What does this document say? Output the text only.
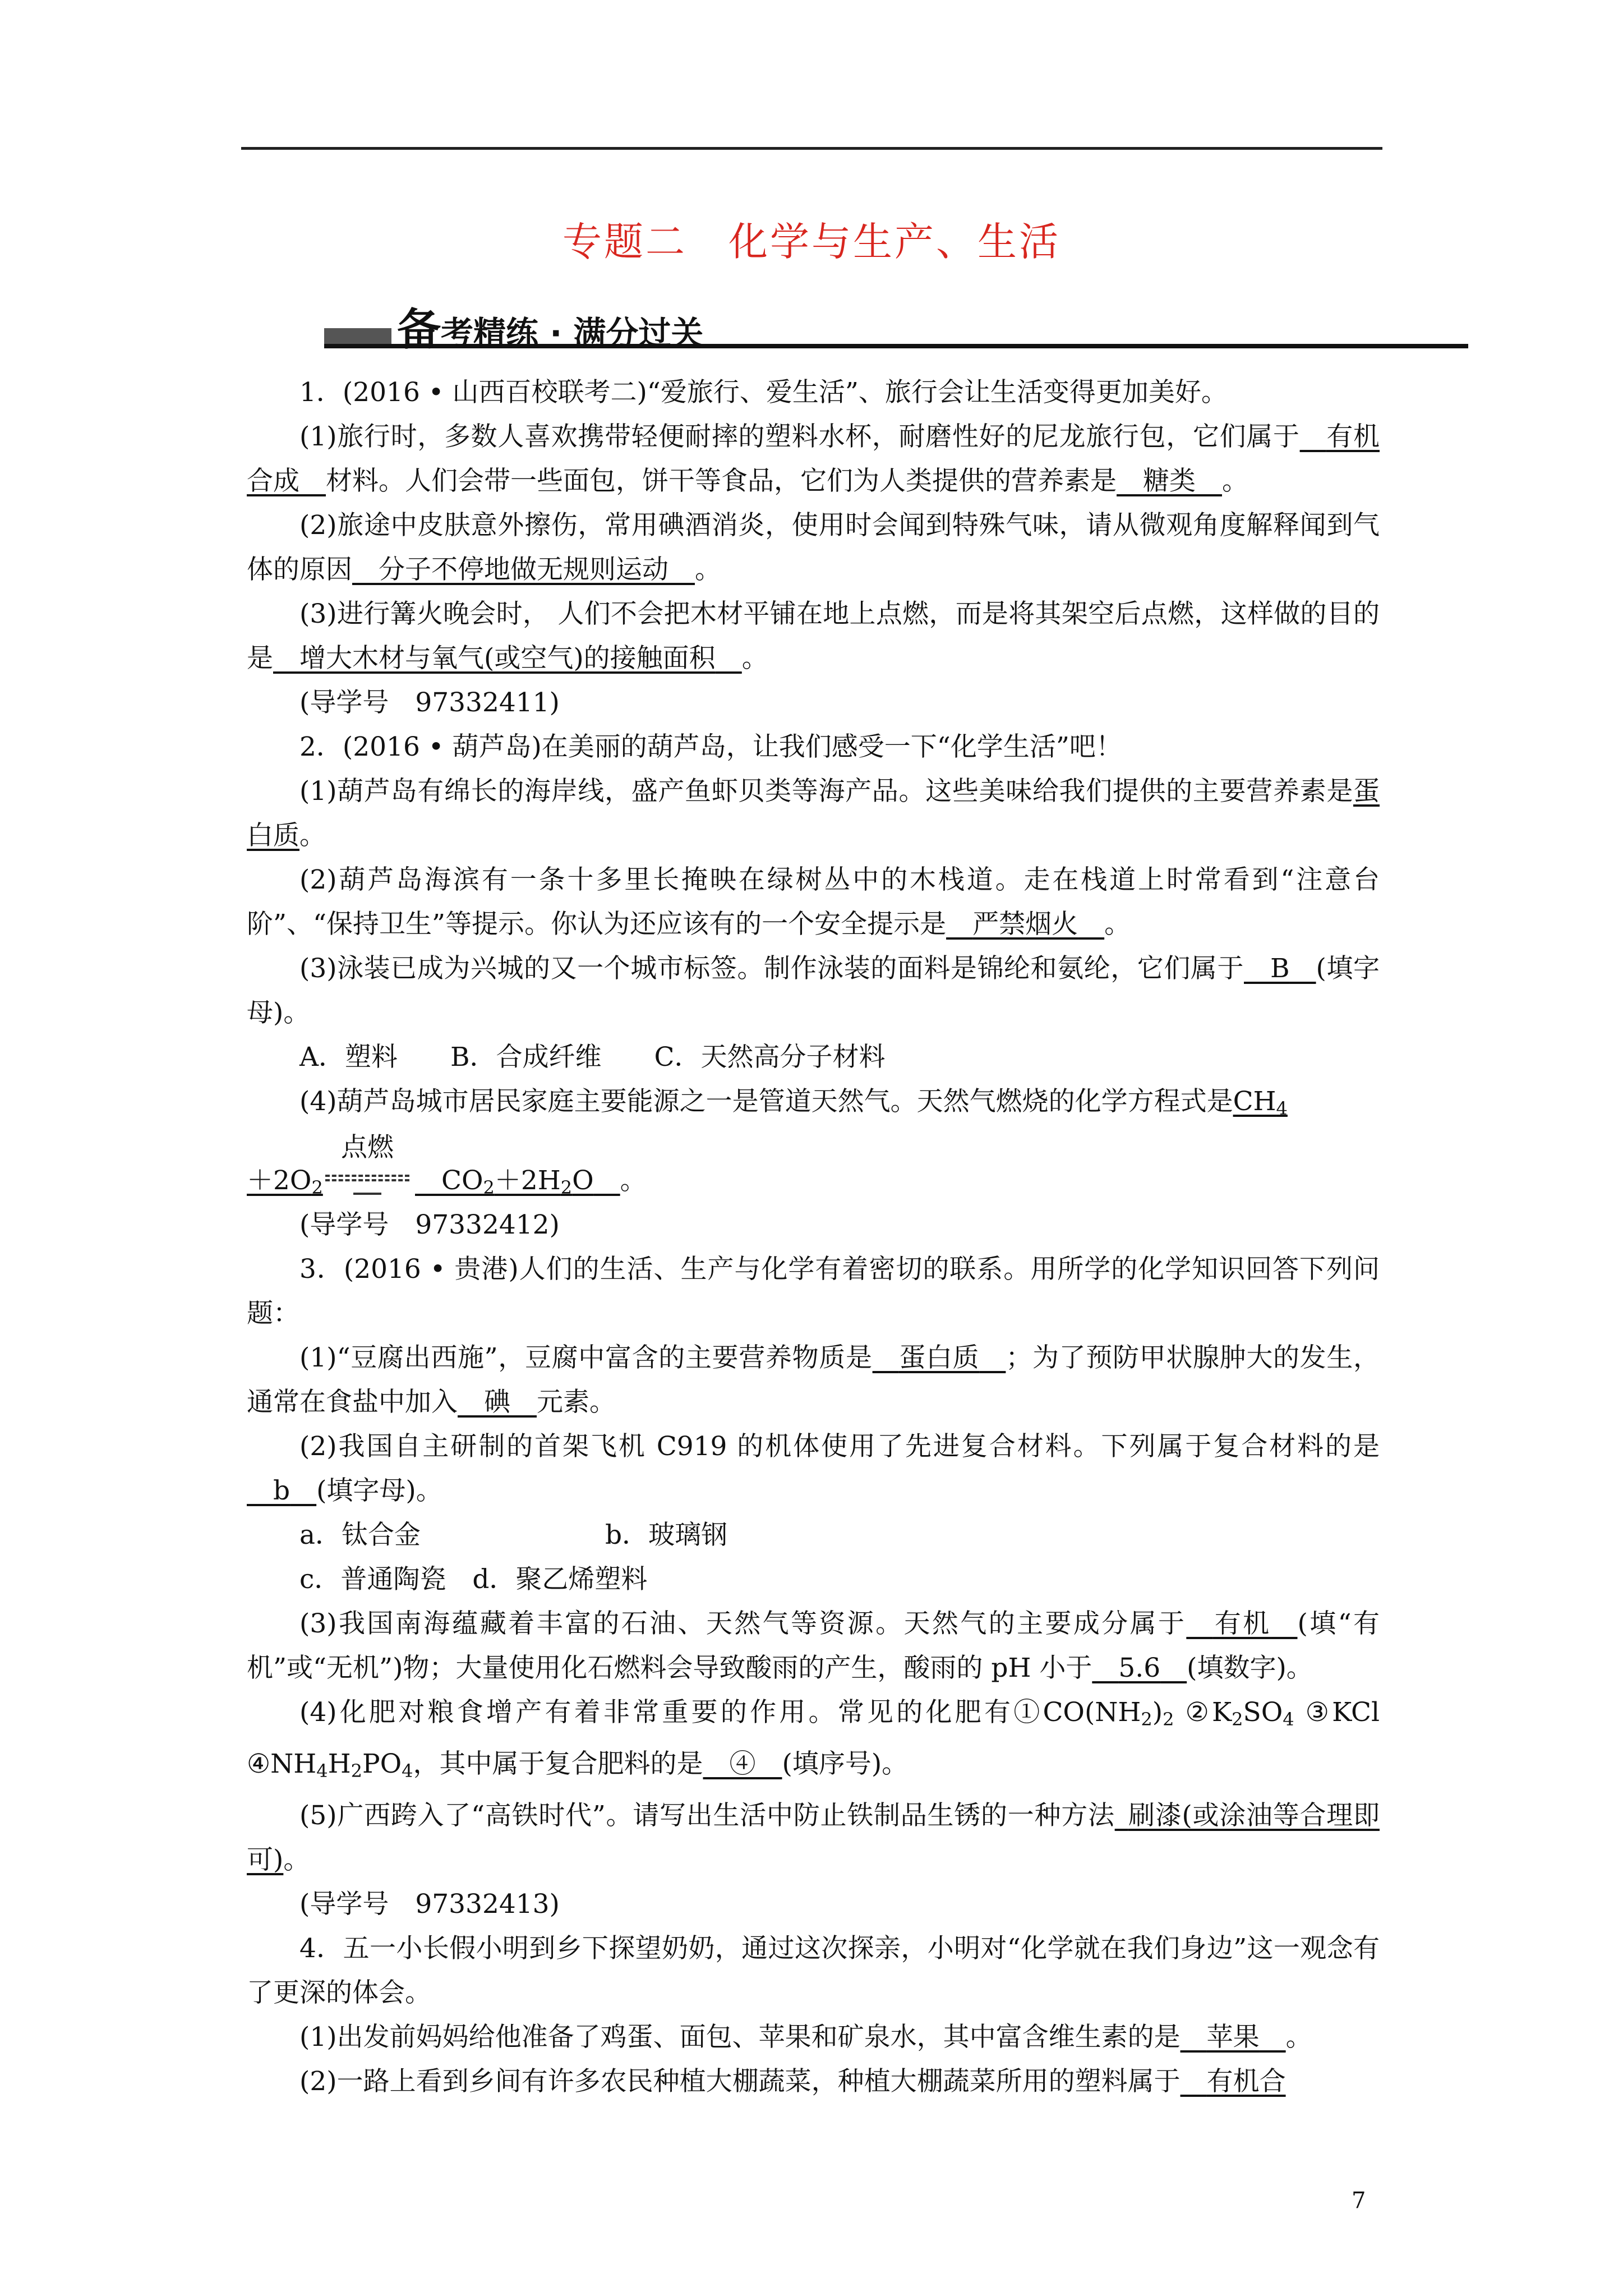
专题二　化学与生产、生活
备考精练 · 满分过关

1．(2016 • 山西百校联考二)“爱旅行、爱生活”、旅行会让生活变得更加美好。

(1)旅行时，多数人喜欢携带轻便耐摔的塑料水杯，耐磨性好的尼龙旅行包，它们属于__有机合成__材料。人们会带一些面包，饼干等食品，它们为人类提供的营养素是__糖类__。

(2)旅途中皮肤意外擦伤，常用碘酒消炎，使用时会闻到特殊气味，请从微观角度解释闻到气体的原因__分子不停地做无规则运动__。

(3)进行篝火晚会时， 人们不会把木材平铺在地上点燃，而是将其架空后点燃，这样做的目的是__增大木材与氧气(或空气)的接触面积__。

(导学号　97332411)

2．(2016 • 葫芦岛)在美丽的葫芦岛，让我们感受一下“化学生活”吧！

(1)葫芦岛有绵长的海岸线，盛产鱼虾贝类等海产品。这些美味给我们提供的主要营养素是蛋白质。

(2)葫芦岛海滨有一条十多里长掩映在绿树丛中的木栈道。走在栈道上时常看到“注意台阶”、“保持卫生”等提示。你认为还应该有的一个安全提示是__严禁烟火__。

(3)泳装已成为兴城的又一个城市标签。制作泳装的面料是锦纶和氨纶，它们属于__B__(填字母)。

A．塑料　　B．合成纤维　　C．天然高分子材料

(4)葫芦岛城市居民家庭主要能源之一是管道天然气。天然气燃烧的化学方程式是$CH_4$

$+2O_2$
点燃
$\_\_CO_2+2H_2O\_\_$。

(导学号　97332412)

3．(2016 • 贵港)人们的生活、生产与化学有着密切的联系。用所学的化学知识回答下列问题：

(1)“豆腐出西施”，豆腐中富含的主要营养物质是__蛋白质__；为了预防甲状腺肿大的发生，通常在食盐中加入__碘__元素。

(2)我国自主研制的首架飞机 C919 的机体使用了先进复合材料。下列属于复合材料的是__b__(填字母)。

a．钛合金　　　　　　　b．玻璃钢

c．普通陶瓷　d．聚乙烯塑料

(3)我国南海蕴藏着丰富的石油、天然气等资源。天然气的主要成分属于__有机__(填“有机”或“无机”)物；大量使用化石燃料会导致酸雨的产生，酸雨的 pH 小于__5.6__(填数字)。

(4)化肥对粮食增产有着非常重要的作用。常见的化肥有$①CO(NH_2)_2$ $②K_2SO_4$ ③KCl $④NH_4H_2PO_4$，其中属于复合肥料的是__④__(填序号)。

(5)广西跨入了“高铁时代”。请写出生活中防止铁制品生锈的一种方法_刷漆(或涂油等合理即可)。

(导学号　97332413)

4．五一小长假小明到乡下探望奶奶，通过这次探亲，小明对“化学就在我们身边”这一观念有了更深的体会。

(1)出发前妈妈给他准备了鸡蛋、面包、苹果和矿泉水，其中富含维生素的是__苹果__。

(2)一路上看到乡间有许多农民种植大棚蔬菜，种植大棚蔬菜所用的塑料属于__有机合

7
